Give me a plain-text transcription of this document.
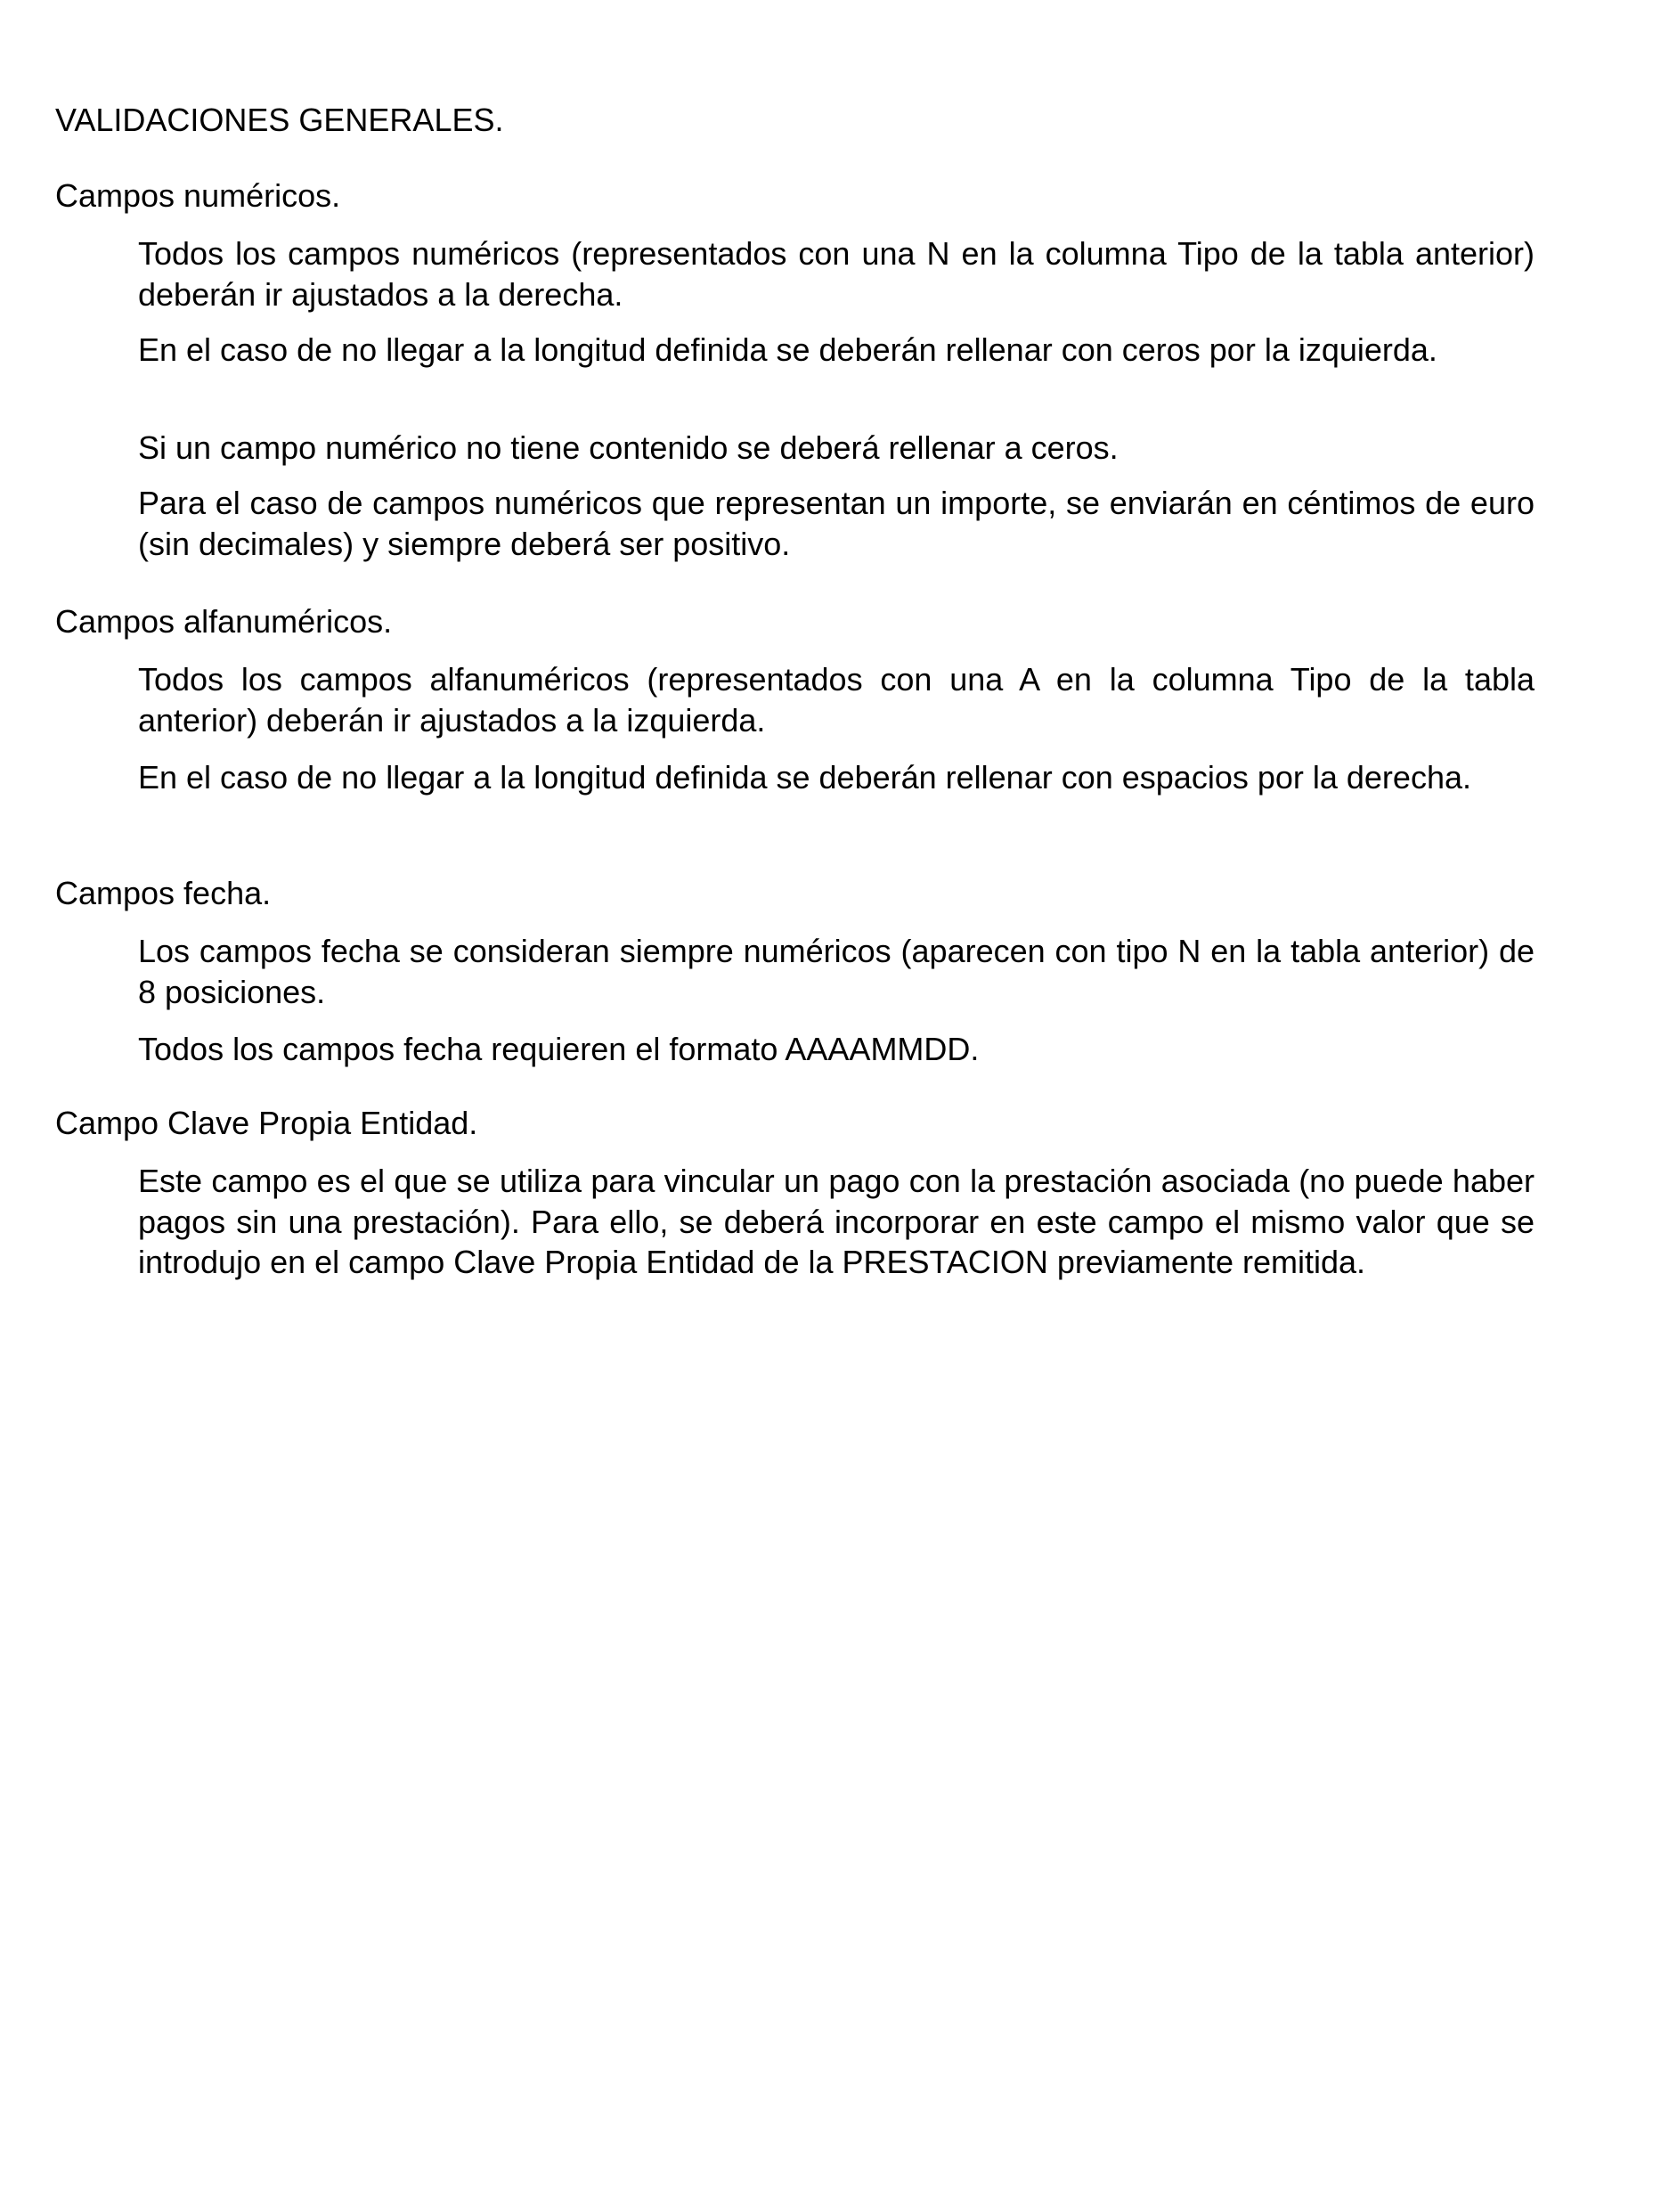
VALIDACIONES GENERALES.
Campos numéricos.
Todos los campos numéricos (representados con una N en la columna Tipo de la tabla anterior) deberán ir ajustados a la derecha.
En el caso de no llegar a la longitud definida se deberán rellenar con ceros por la izquierda.
Si un campo numérico no tiene contenido se deberá rellenar a ceros.
Para el caso de campos numéricos que representan un importe, se enviarán en céntimos de euro (sin decimales) y siempre deberá ser positivo.
Campos alfanuméricos.
Todos los campos alfanuméricos (representados con una A en la columna Tipo de la tabla anterior) deberán ir ajustados a la izquierda.
En el caso de no llegar a la longitud definida se deberán rellenar con espacios por la derecha.
Campos fecha.
Los campos fecha se consideran siempre numéricos (aparecen con tipo N en la tabla anterior) de 8 posiciones.
Todos los campos fecha requieren el formato AAAAMMDD.
Campo Clave Propia Entidad.
Este campo es el que se utiliza para vincular un pago con la prestación asociada (no puede haber pagos sin una prestación). Para ello, se deberá incorporar en este campo el mismo valor que se introdujo en el campo Clave Propia Entidad de la PRESTACION previamente remitida.
